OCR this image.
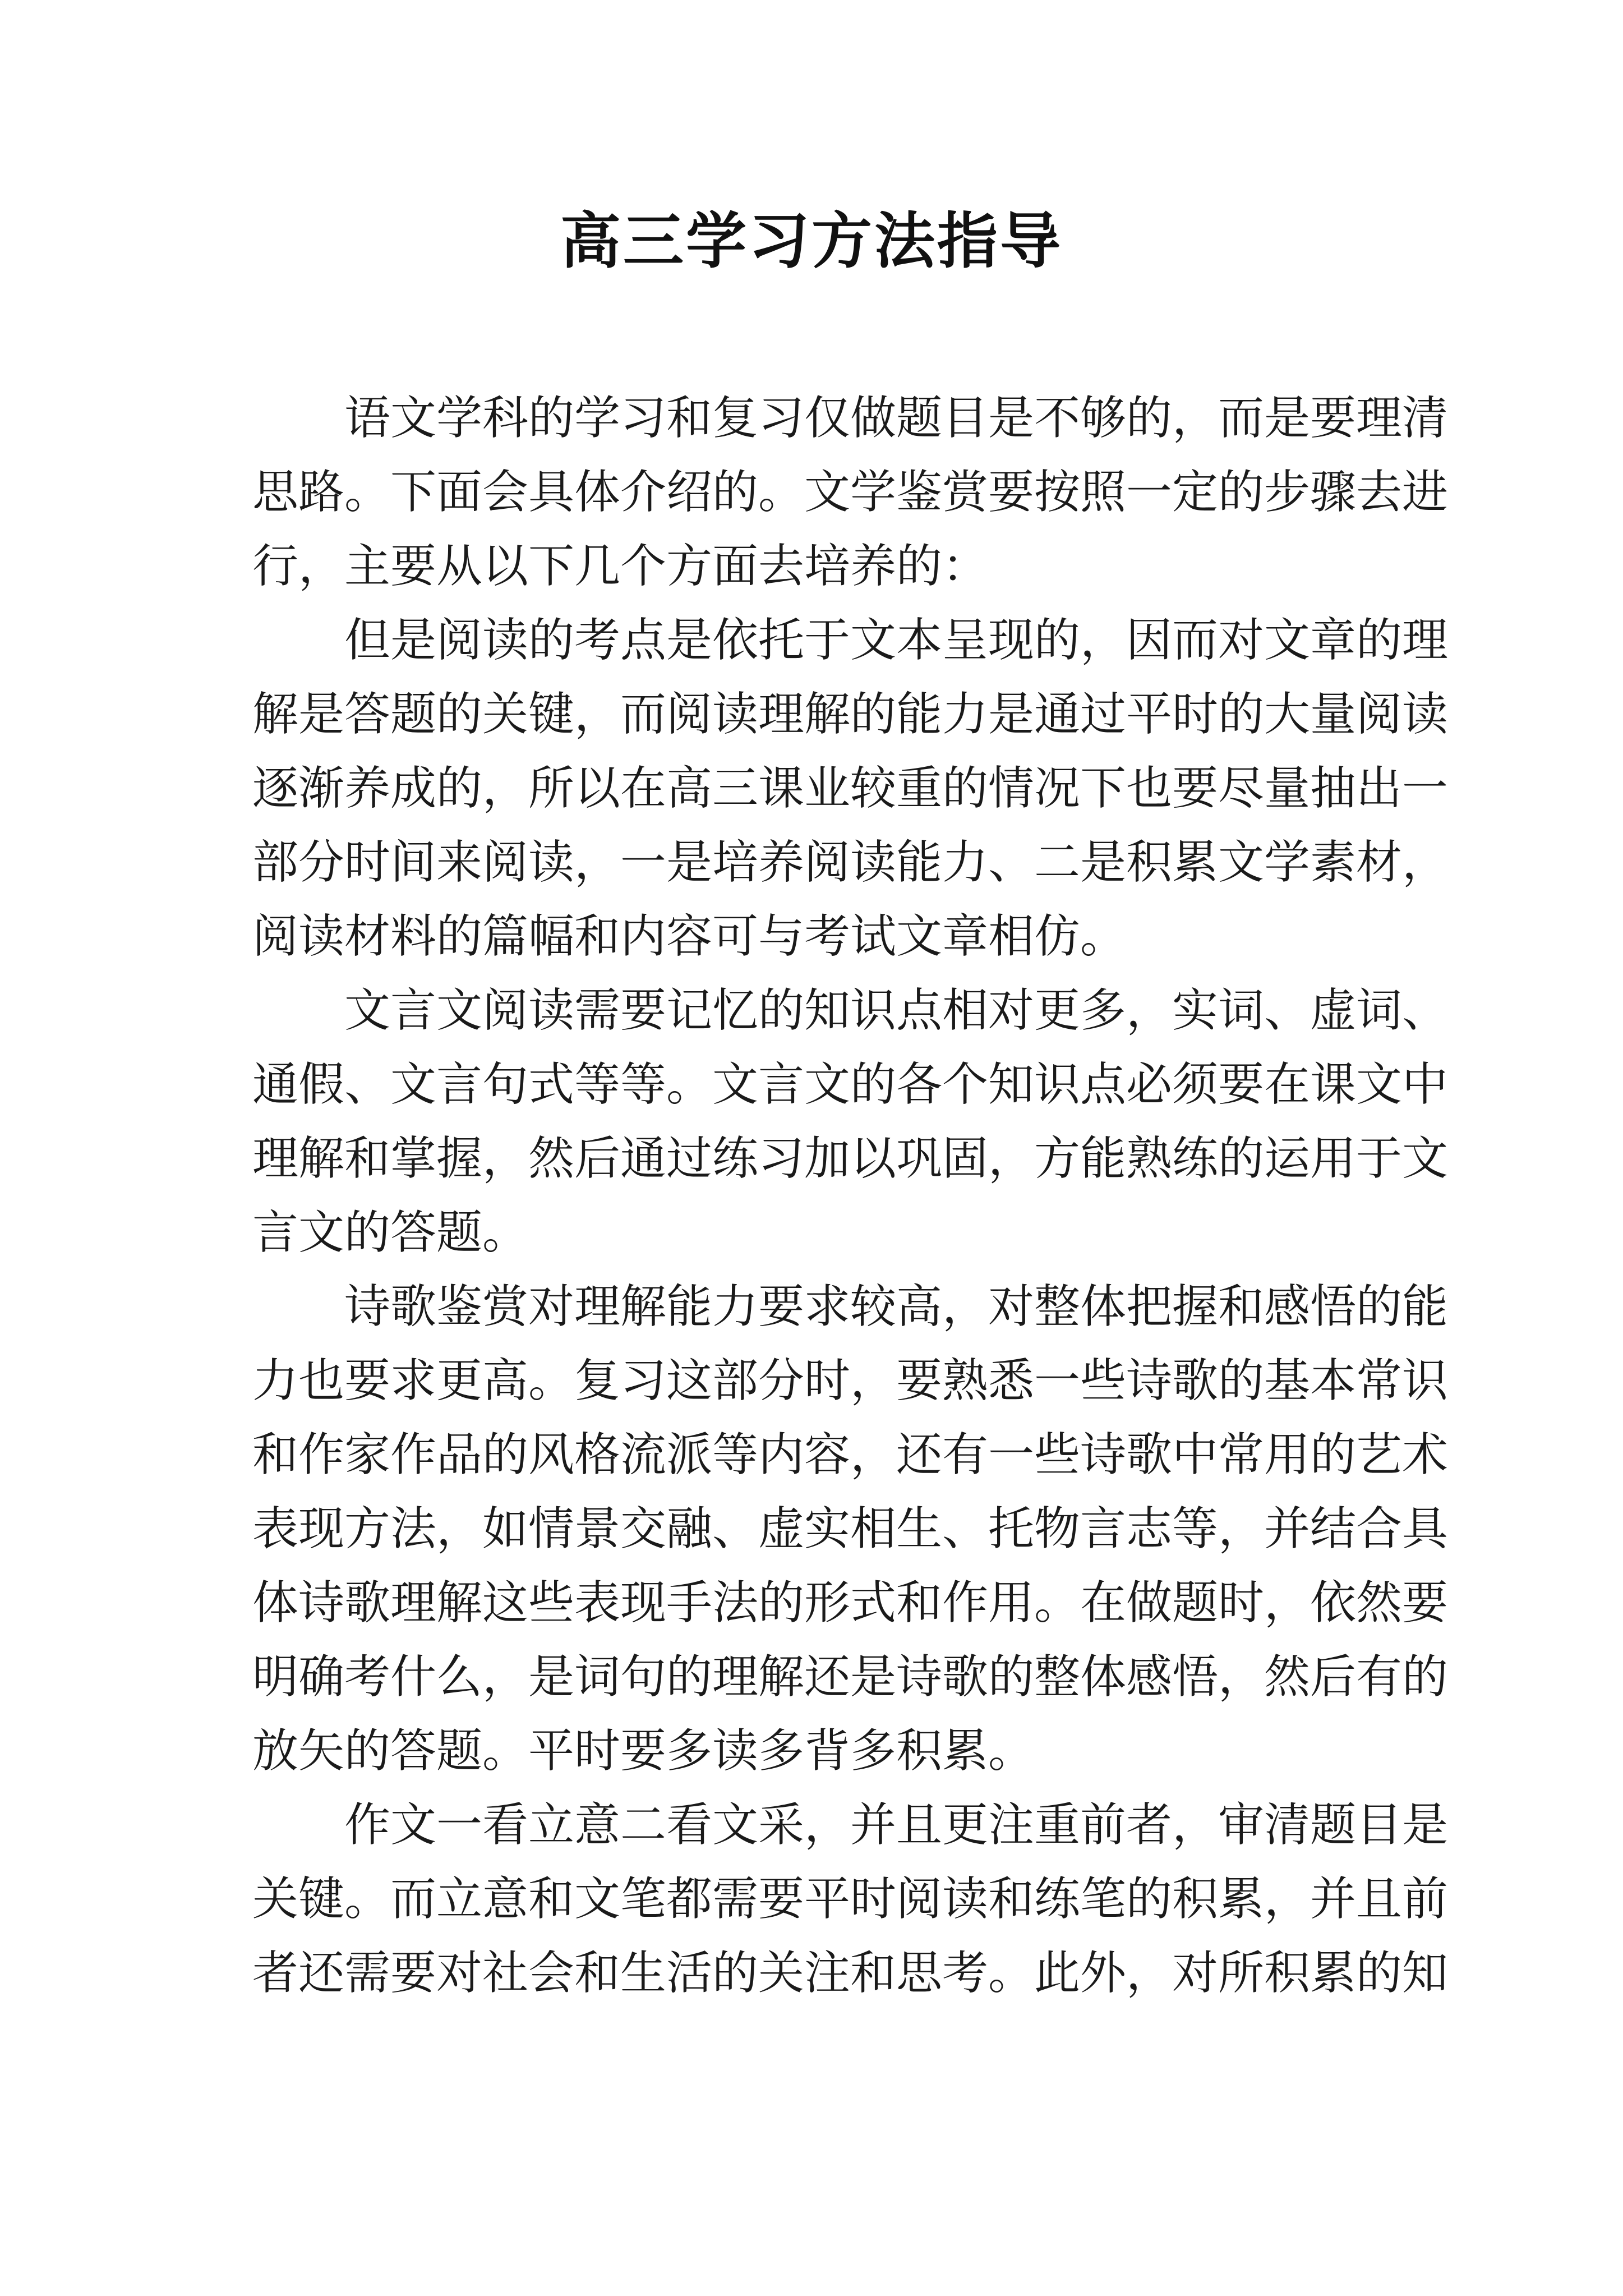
高三学习方法指导
语文学科的学习和复习仅做题目是不够的，而是要理清
思路。下面会具体介绍的。文学鉴赏要按照一定的步骤去进
行，主要从以下几个方面去培养的：
但是阅读的考点是依托于文本呈现的，因而对文章的理
解是答题的关键，而阅读理解的能力是通过平时的大量阅读
逐渐养成的，所以在高三课业较重的情况下也要尽量抽出一
部分时间来阅读，一是培养阅读能力、二是积累文学素材，
阅读材料的篇幅和内容可与考试文章相仿。
文言文阅读需要记忆的知识点相对更多，实词、虚词、
通假、文言句式等等。文言文的各个知识点必须要在课文中
理解和掌握，然后通过练习加以巩固，方能熟练的运用于文
言文的答题。
诗歌鉴赏对理解能力要求较高，对整体把握和感悟的能
力也要求更高。复习这部分时，要熟悉一些诗歌的基本常识
和作家作品的风格流派等内容，还有一些诗歌中常用的艺术
表现方法，如情景交融、虚实相生、托物言志等，并结合具
体诗歌理解这些表现手法的形式和作用。在做题时，依然要
明确考什么，是词句的理解还是诗歌的整体感悟，然后有的
放矢的答题。平时要多读多背多积累。
作文一看立意二看文采，并且更注重前者，审清题目是
关键。而立意和文笔都需要平时阅读和练笔的积累，并且前
者还需要对社会和生活的关注和思考。此外，对所积累的知
